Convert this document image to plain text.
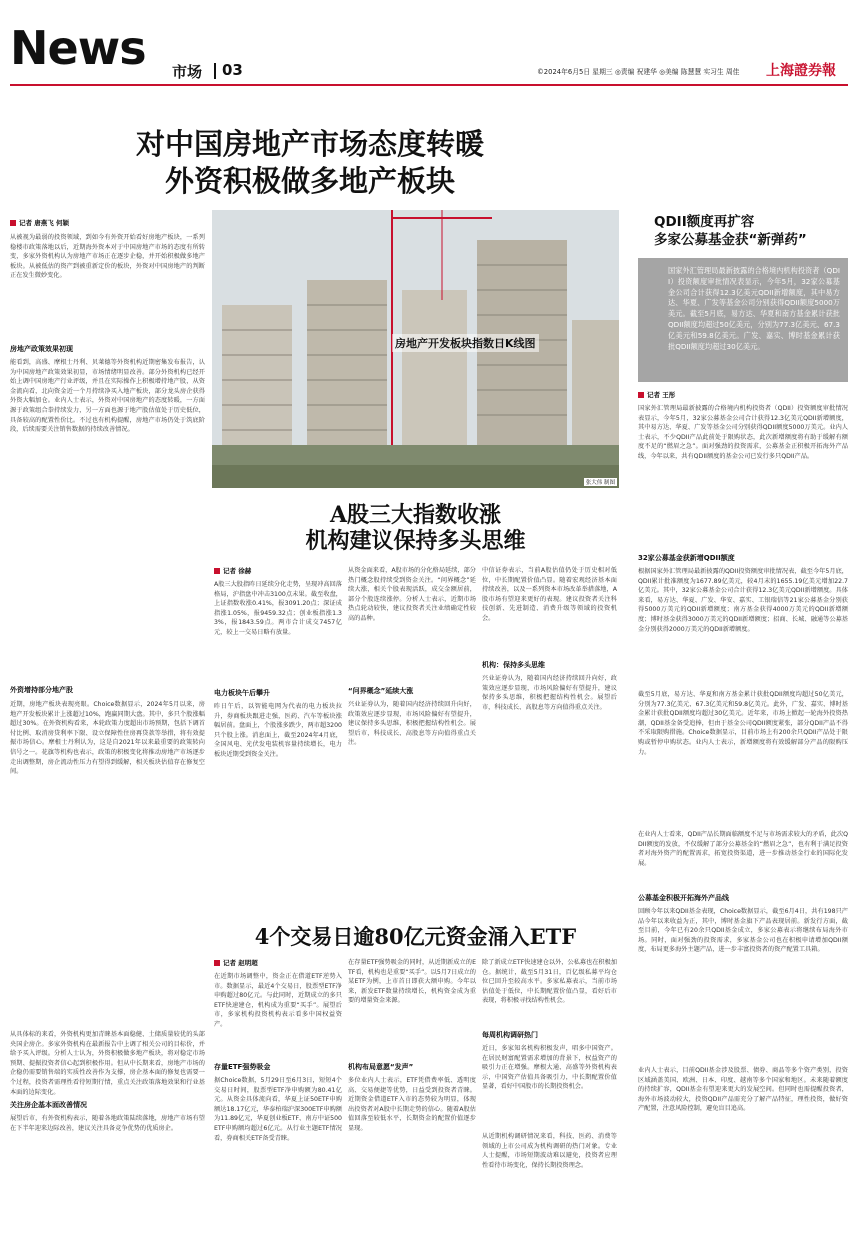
News 市场 03	©2024年6月5日 星期三 ◎责编 祝建华 ◎美编 陈慧慧 实习生 周佳 上海證券報
对中国房地产市场态度转暖
外资积极做多地产板块
记者 唐燕飞 何颖
从被视为最弱的投资领域，到如今有外资开始看好房地产板块，一系列稳楼市政策落地以后，近期海外资本对于中国房地产市场的态度有所转变，多家外资机构认为房地产市场正在逐步企稳，并开始积极做多地产板块。从被低估的资产到被重新定价的板块，外资对中国房地产的判断正在发生微妙变化。
房地产政策效果初现
能看到，高盛、摩根士丹利、贝莱德等外资机构近期密集发布报告，认为中国房地产政策效果初显，市场情绪明显改善。部分外资机构已经开始上调中国房地产行业评级，并且在实际操作上积极增持地产股，从资金流向看，北向资金近一个月持续净买入地产板块，部分龙头房企获得外资大幅加仓。业内人士表示，外资对中国房地产的态度转暖，一方面源于政策组合拳持续发力，另一方面也源于地产股估值处于历史低位，具备较高的配置性价比。不过也有机构提醒，房地产市场仍处于筑底阶段，后续需要关注销售数据的持续改善情况。
外资增持部分地产股
近期，房地产板块表现亮眼。Choice数据显示，2024年5月以来，房地产开发板块累计上涨超过10%，跑赢同期大盘。其中，多只个股涨幅超过30%。在外资机构看来，本轮政策力度超出市场预期，包括下调首付比例、取消房贷利率下限、设立保障性住房再贷款等举措，将有效提振市场信心。摩根士丹利认为，这是自2021年以来最重要的政策转向信号之一。花旗等机构也表示，政策的积极变化将推动房地产市场逐步走出调整期，房企流动性压力有望得到缓解，相关板块估值存在修复空间。
从具体标的来看，外资机构更加青睐基本面稳健、土储质量较优的头部央国企房企。多家外资机构在最新报告中上调了相关公司的目标价，并给予买入评级。分析人士认为，外资积极做多地产板块，将对稳定市场预期、提振投资者信心起到积极作用。但从中长期来看，房地产市场的企稳仍需要销售端的实质性改善作为支撑，房企基本面的修复也需要一个过程，投资者需理性看待短期行情，重点关注政策落地效果和行业基本面的边际变化。
关注房企基本面改善情况
展望后市，有外资机构表示，随着各地政策陆续落地，房地产市场有望在下半年迎来边际改善，建议关注具备竞争优势的优质房企。
房地产开发板块指数日K线图
张大伟 制图
A股三大指数收涨
机构建议保持多头思维
记者 徐赫
A股三大股指昨日延续分化走势，呈现冲高回落格局，沪指盘中冲击3100点未果。截至收盘，上证指数收涨0.41%，报3091.20点；深证成指涨1.05%，报9459.32点；创业板指涨1.33%，报1843.59点。两市合计成交7457亿元，较上一交易日略有放量。
电力板块午后攀升
昨日午后，以智能电网为代表的电力板块拉升，券商板块跟进走强，医药、汽车等板块涨幅居前。盘面上，个股涨多跌少，两市超3200只个股上涨。消息面上，截至2024年4月底，全国风电、光伏发电装机容量持续增长，电力板块近期受到资金关注。
从资金面来看，A股市场的分化格局延续，部分热门概念股持续受到资金关注。“问界概念”延续大涨，相关个股表现活跃，成交金额居前，部分个股连续涨停。分析人士表示，近期市场热点轮动较快，建议投资者关注业绩确定性较高的品种。
“问界概念”延续大涨
兴业证券认为，随着国内经济持续回升向好，政策效应逐步显现，市场风险偏好有望提升，建议保持多头思维，积极把握结构性机会。展望后市，科技成长、高股息等方向值得重点关注。
中信证券表示，当前A股估值仍处于历史相对低位，中长期配置价值凸显。随着宏观经济基本面持续改善，以及一系列资本市场改革举措落地，A股市场有望迎来更好的表现。建议投资者关注科技创新、先进制造、消费升级等领域的投资机会。
机构：保持多头思维
兴业证券认为，随着国内经济持续回升向好，政策效应逐步显现，市场风险偏好有望提升，建议保持多头思维，积极把握结构性机会。展望后市，科技成长、高股息等方向值得重点关注。
4个交易日逾80亿元资金涌入ETF
记者 赵明超
在近期市场调整中，资金正在借道ETF逆势入市。数据显示，最近4个交易日，股票型ETF净申购超过80亿元。与此同时，近期成立的多只ETF快速建仓，机构成为重要“买手”。展望后市，多家机构投资机构表示看多中国权益资产。
存量ETF强势吸金
据Choice数据，5月29日至6月3日，短短4个交易日时间，股票型ETF净申购额为80.41亿元。从资金具体流向看，华夏上证50ETF申购额达18.17亿元，华泰柏瑞沪深300ETF申购额为11.89亿元，华夏创业板ETF、南方中证500ETF申购额均超过6亿元。从行业主题ETF情况看，券商相关ETF备受青睐。
在存量ETF强势吸金的同时，从近期新成立的ETF看，机构也是重要“买手”。以5月7日成立的某ETF为例，上市首日即获大额申购。今年以来，新发ETF数量持续增长，机构资金成为重要的增量资金来源。
机构布局意愿“发声”
多位业内人士表示，ETF凭借费率低、透明度高、交易便捷等优势，日益受到投资者青睐。近期资金借道ETF入市的态势较为明显，体现出投资者对A股中长期走势的信心。随着A股估值回落至较低水平，长期资金的配置价值逐步显现。
除了新成立ETF快速建仓以外，公私募也在积极加仓。据统计，截至5月31日，百亿级私募平均仓位已回升至较高水平。多家私募表示，当前市场估值处于低位，中长期配置价值凸显，看好后市表现，将积极寻找结构性机会。
每周机构调研热门
近日，多家知名机构积极发声，唱多中国资产。在居民财富配置需求增加的背景下，权益资产的吸引力正在增强。摩根大通、高盛等外资机构表示，中国资产估值具备吸引力，中长期配置价值显著，看好中国股市的长期投资机会。
从近期机构调研情况来看，科技、医药、消费等领域的上市公司成为机构调研的热门对象。专业人士提醒，市场短期波动难以避免，投资者应理性看待市场变化，保持长期投资理念。
QDII额度再扩容
多家公募基金获“新弹药”
国家外汇管理局最新披露的合格境内机构投资者（QDII）投资额度审批情况表显示，今年5月，32家公募基金公司合计获得12.3亿美元QDII新增额度，其中易方达、华夏、广发等基金公司分别获得QDII额度5000万美元。截至5月底，易方达、华夏和南方基金累计获批QDII额度均超过50亿美元，分别为77.3亿美元、67.3亿美元和59.8亿美元。广发、嘉实、博时基金累计获批QDII额度均超过30亿美元。
记者 王彤
国家外汇管理局最新披露的合格境内机构投资者（QDII）投资额度审批情况表显示，今年5月，32家公募基金公司合计获得12.3亿美元QDII新增额度，其中易方达、华夏、广发等基金公司分别获得QDII额度5000万美元。业内人士表示，不少QDII产品此前处于限购状态，此次新增额度将有助于缓解有额度不足的“燃眉之急”。面对强劲的投资需求，公募基金正积极开拓海外产品线，今年以来，共有QDII额度的基金公司已发行多只QDII产品。
32家公募基金获新增QDII额度
根据国家外汇管理局最新披露的QDII投资额度审批情况表，截至今年5月底，QDII累计批准额度为1677.89亿美元，较4月末的1655.19亿美元增加22.7亿美元。其中，32家公募基金公司合计获得12.3亿美元QDII新增额度。具体来看，易方达、华夏、广发、华安、嘉实、工银瑞信等21家公募基金分别获得5000万美元的QDII新增额度；南方基金获得4000万美元的QDII新增额度；博时基金获得3000万美元的QDII新增额度；招商、长城、融通等公募基金分别获得2000万美元的QDII新增额度。
截至5月底，易方达、华夏和南方基金累计获批QDII额度均超过50亿美元，分别为77.3亿美元、67.3亿美元和59.8亿美元。此外，广发、嘉实、博时基金累计获批QDII额度均超过30亿美元。近年来，市场上掀起一轮海外投资热潮，QDII基金备受追捧，但由于基金公司QDII额度紧张，部分QDII产品不得不采取限购措施。Choice数据显示，目前市场上有200余只QDII产品处于限购或暂停申购状态。业内人士表示，新增额度将有效缓解部分产品的限购压力。
在业内人士看来，QDII产品长期面临额度不足与市场需求较大的矛盾，此次QDII额度的发放，不仅缓解了部分公募基金的“燃眉之急”，也有利于满足投资者对海外资产的配置需求，拓宽投资渠道，进一步推动基金行业的国际化发展。
公募基金积极开拓海外产品线
回顾今年以来QDII基金表现，Choice数据显示，截至6月4日，共有198只产品今年以来收益为正，其中，博时基金旗下产品表现居前。新发行方面，截至目前，今年已有20余只QDII基金成立，多家公募表示将继续布局海外市场。同时，面对强劲的投资需求，多家基金公司也在积极申请增加QDII额度，布局更多海外主题产品，进一步丰富投资者的资产配置工具箱。
业内人士表示，目前QDII基金涉及股票、债券、商品等多个资产类别，投资区域涵盖美国、欧洲、日本、印度、越南等多个国家和地区。未来随着额度的持续扩容，QDII基金有望迎来更大的发展空间。但同时也需提醒投资者，海外市场波动较大，投资QDII产品需充分了解产品特征，理性投资，做好资产配置，注意风险控制，避免盲目追高。
